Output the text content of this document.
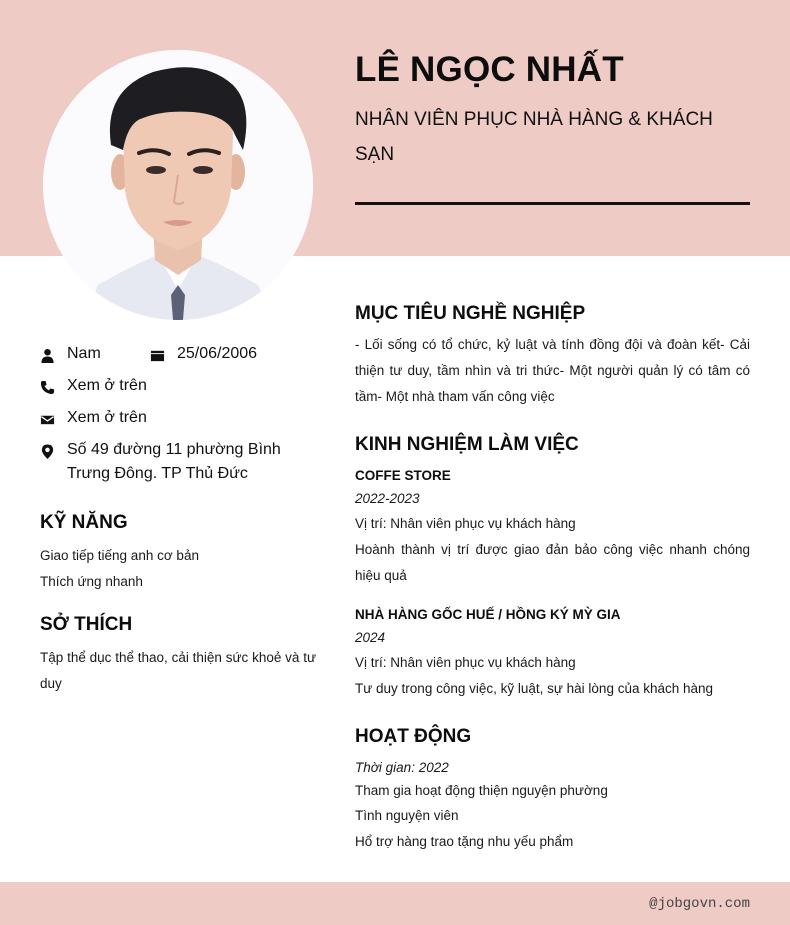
LÊ NGỌC NHẤT
NHÂN VIÊN PHỤC NHÀ HÀNG & KHÁCH SẠN
Nam	25/06/2006
Xem ở trên
Xem ở trên
Số 49 đường 11 phường Bình Trưng Đông. TP Thủ Đức
KỸ NĂNG
Giao tiếp tiếng anh cơ bản
Thích ứng nhanh
SỞ THÍCH
Tập thể dục thể thao, cải thiện sức khoẻ và tư duy
MỤC TIÊU NGHỀ NGHIỆP
- Lối sống có tổ chức, kỷ luật và tính đồng đội và đoàn kết- Cải thiện tư duy, tầm nhìn và tri thức- Một người quản lý có tâm có tầm- Một nhà tham vấn công việc
KINH NGHIỆM LÀM VIỆC
COFFE STORE
2022-2023
Vị trí: Nhân viên phục vụ khách hàng
Hoành thành vị trí được giao đản bảo công việc nhanh chóng hiệu quả
NHÀ HÀNG GỐC HUẾ / HỒNG KÝ MỲ GIA
2024
Vị trí: Nhân viên phục vụ khách hàng
Tư duy trong công việc, kỹ luật, sự hài lòng của khách hàng
HOẠT ĐỘNG
Thời gian: 2022
Tham gia hoạt động thiện nguyện phường
Tình nguyện viên
Hổ trợ hàng trao tặng nhu yếu phẩm
@jobgovn.com
